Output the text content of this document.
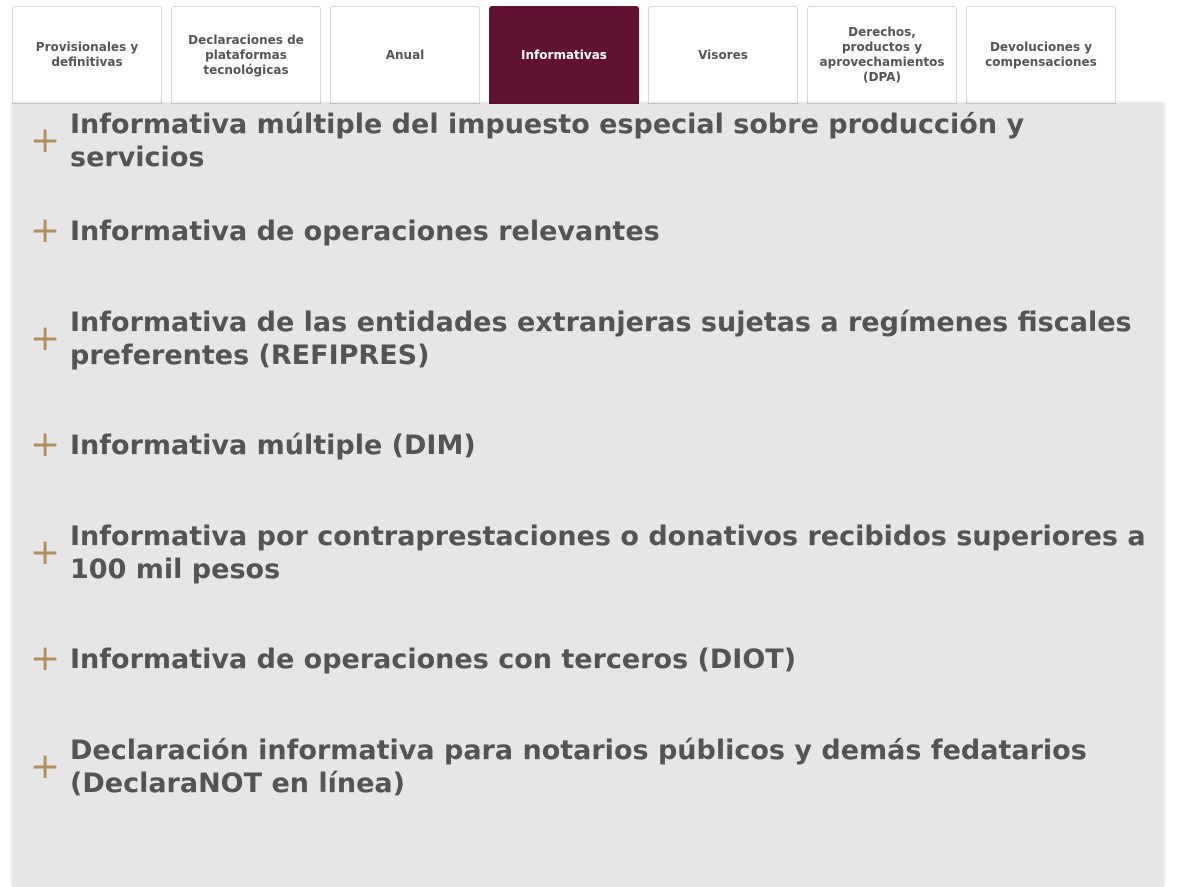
Provisionales y definitivas
Declaraciones de plataformas tecnológicas
Anual	Informativas	Visores
Derechos, productos y aprovechamientos (DPA)
Devoluciones y compensaciones
+ Informativa múltiple del impuesto especial sobre producción y servicios
+ Informativa de operaciones relevantes
+ Informativa de las entidades extranjeras sujetas a regímenes fiscales preferentes (REFIPRES)
+ Informativa múltiple (DIM)
+ Informativa por contraprestaciones o donativos recibidos superiores a 100 mil pesos
+ Informativa de operaciones con terceros (DIOT)
+ Declaración informativa para notarios públicos y demás fedatarios (DeclaraNOT en línea)
